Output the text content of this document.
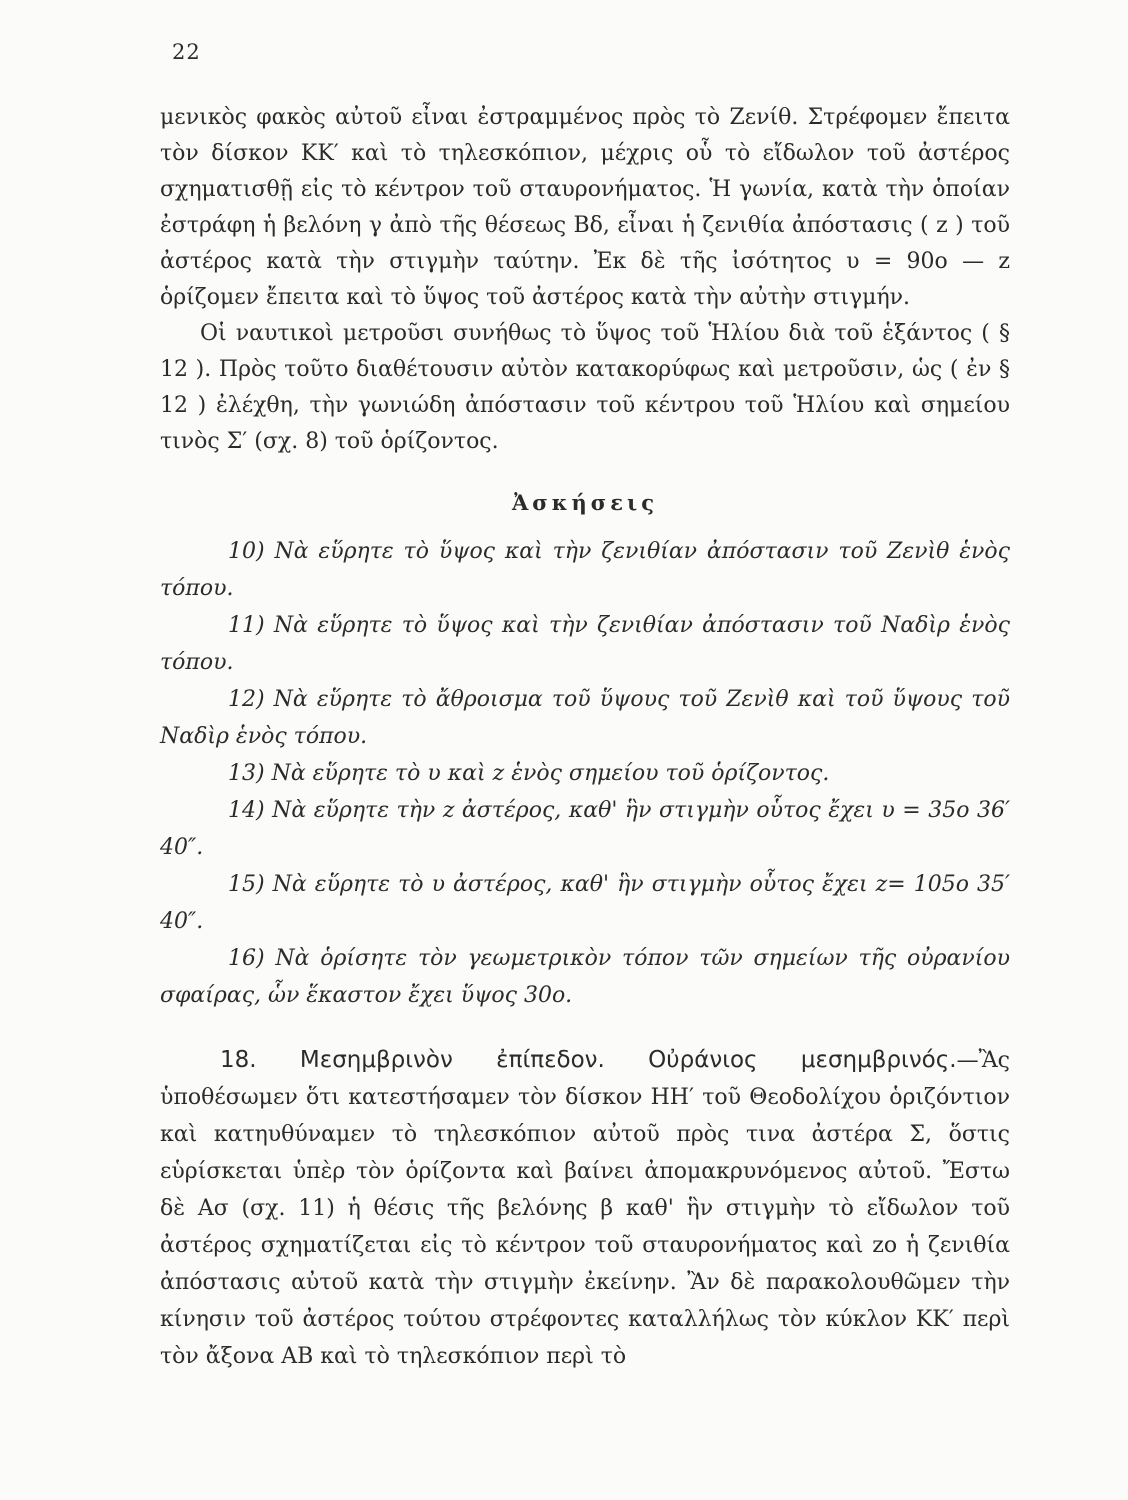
22

μενικὸς φακὸς αὐτοῦ εἶναι ἐστραμμένος πρὸς τὸ Ζενίθ. Στρέφομεν ἔπειτα τὸν δίσκον ΚΚ′ καὶ τὸ τηλεσκόπιον, μέχρις οὗ τὸ εἴδωλον τοῦ ἀστέρος σχηματισθῇ εἰς τὸ κέντρον τοῦ σταυρονήματος. Ἡ γωνία, κατὰ τὴν ὁποίαν ἐστράφη ἡ βελόνη γ ἀπὸ τῆς θέσεως Βδ, εἶναι ἡ ζενιθία ἀπόστασις ( z ) τοῦ ἀστέρος κατὰ τὴν στιγμὴν ταύτην. Ἐκ δὲ τῆς ἰσότητος υ = 90ο — z ὁρίζομεν ἔπειτα καὶ τὸ ὕψος τοῦ ἀστέρος κατὰ τὴν αὐτὴν στιγμήν.

Οἱ ναυτικοὶ μετροῦσι συνήθως τὸ ὕψος τοῦ Ἡλίου διὰ τοῦ ἑξάντος ( § 12 ). Πρὸς τοῦτο διαθέτουσιν αὐτὸν κατακορύφως καὶ μετροῦσιν, ὡς ( ἐν § 12 ) ἐλέχθη, τὴν γωνιώδη ἀπόστασιν τοῦ κέντρου τοῦ Ἡλίου καὶ σημείου τινὸς Σ′ (σχ. 8) τοῦ ὁρίζοντος.

Ἀσκήσεις

10) Νὰ εὕρητε τὸ ὕψος καὶ τὴν ζενιθίαν ἀπόστασιν τοῦ Ζενὶθ ἑνὸς τόπου.

11) Νὰ εὕρητε τὸ ὕψος καὶ τὴν ζενιθίαν ἀπόστασιν τοῦ Ναδὶρ ἑνὸς τόπου.

12) Νὰ εὕρητε τὸ ἄθροισμα τοῦ ὕψους τοῦ Ζενὶθ καὶ τοῦ ὕψους τοῦ Ναδὶρ ἑνὸς τόπου.

13) Νὰ εὕρητε τὸ υ καὶ z ἑνὸς σημείου τοῦ ὁρίζοντος.

14) Νὰ εὕρητε τὴν z ἀστέρος, καθ' ἣν στιγμὴν οὗτος ἔχει υ = 35ο 36′ 40″.

15) Νὰ εὕρητε τὸ υ ἀστέρος, καθ' ἣν στιγμὴν οὗτος ἔχει z= 105ο 35′ 40″.

16) Νὰ ὁρίσητε τὸν γεωμετρικὸν τόπον τῶν σημείων τῆς οὐρανίου σφαίρας, ὧν ἕκαστον ἔχει ὕψος 30ο.

18. Μεσημβρινὸν ἐπίπεδον. Οὐράνιος μεσημβρινός.—Ἂς ὑποθέσωμεν ὅτι κατεστήσαμεν τὸν δίσκον ΗΗ′ τοῦ Θεοδολίχου ὁριζόντιον καὶ κατηυθύναμεν τὸ τηλεσκόπιον αὐτοῦ πρὸς τινα ἀστέρα Σ, ὅστις εὑρίσκεται ὑπὲρ τὸν ὁρίζοντα καὶ βαίνει ἀπομακρυνόμενος αὐτοῦ. Ἔστω δὲ Ασ (σχ. 11) ἡ θέσις τῆς βελόνης β καθ' ἣν στιγμὴν τὸ εἴδωλον τοῦ ἀστέρος σχηματίζεται εἰς τὸ κέντρον τοῦ σταυρονήματος καὶ zο ἡ ζενιθία ἀπόστασις αὐτοῦ κατὰ τὴν στιγμὴν ἐκείνην. Ἂν δὲ παρακολουθῶμεν τὴν κίνησιν τοῦ ἀστέρος τούτου στρέφοντες καταλλήλως τὸν κύκλον ΚΚ′ περὶ τὸν ἄξονα ΑΒ καὶ τὸ τηλεσκόπιον περὶ τὸ
